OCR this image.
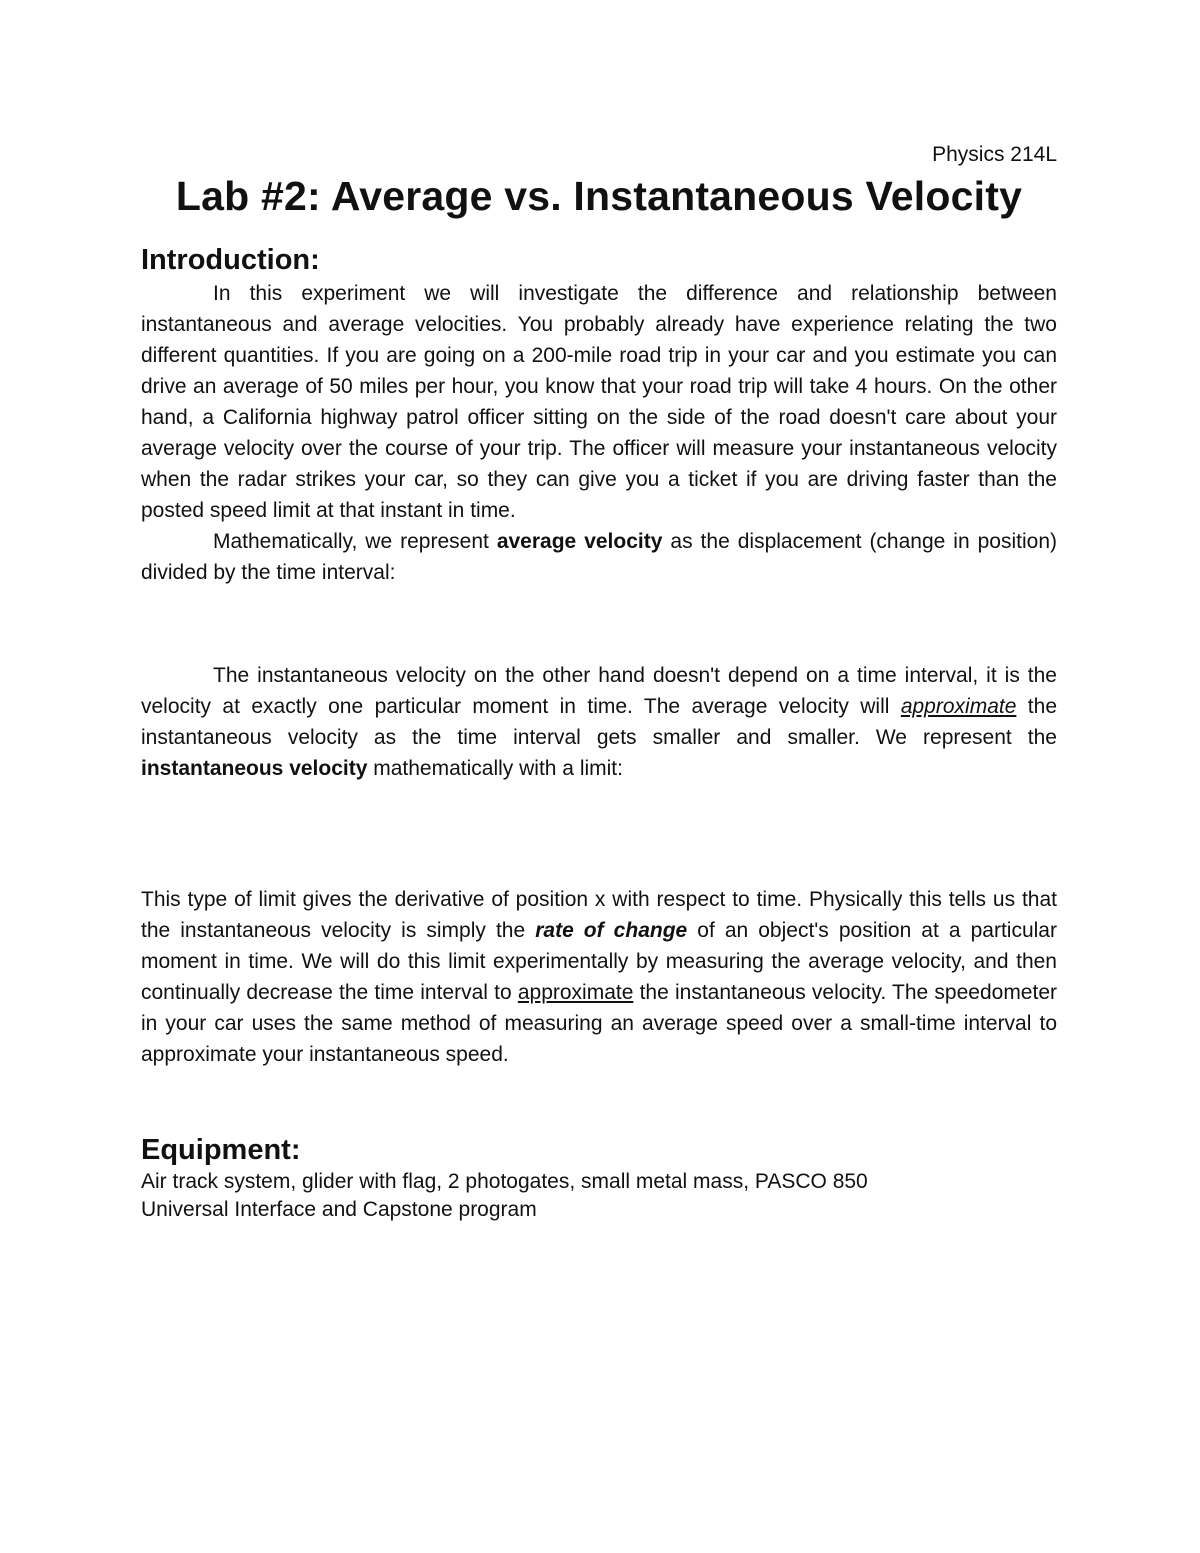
Physics 214L

Lab #2: Average vs. Instantaneous Velocity
Introduction:

In this experiment we will investigate the difference and relationship between instantaneous and average velocities. You probably already have experience relating the two different quantities. If you are going on a 200-mile road trip in your car and you estimate you can drive an average of 50 miles per hour, you know that your road trip will take 4 hours. On the other hand, a California highway patrol officer sitting on the side of the road doesn't care about your average velocity over the course of your trip. The officer will measure your instantaneous velocity when the radar strikes your car, so they can give you a ticket if you are driving faster than the posted speed limit at that instant in time.

Mathematically, we represent average velocity as the displacement (change in position) divided by the time interval:

The instantaneous velocity on the other hand doesn't depend on a time interval, it is the velocity at exactly one particular moment in time. The average velocity will approximate the instantaneous velocity as the time interval gets smaller and smaller. We represent the instantaneous velocity mathematically with a limit:

This type of limit gives the derivative of position x with respect to time. Physically this tells us that the instantaneous velocity is simply the rate of change of an object's position at a particular moment in time. We will do this limit experimentally by measuring the average velocity, and then continually decrease the time interval to approximate the instantaneous velocity. The speedometer in your car uses the same method of measuring an average speed over a small-time interval to approximate your instantaneous speed.

Equipment:

Air track system, glider with flag, 2 photogates, small metal mass, PASCO 850

Universal Interface and Capstone program
